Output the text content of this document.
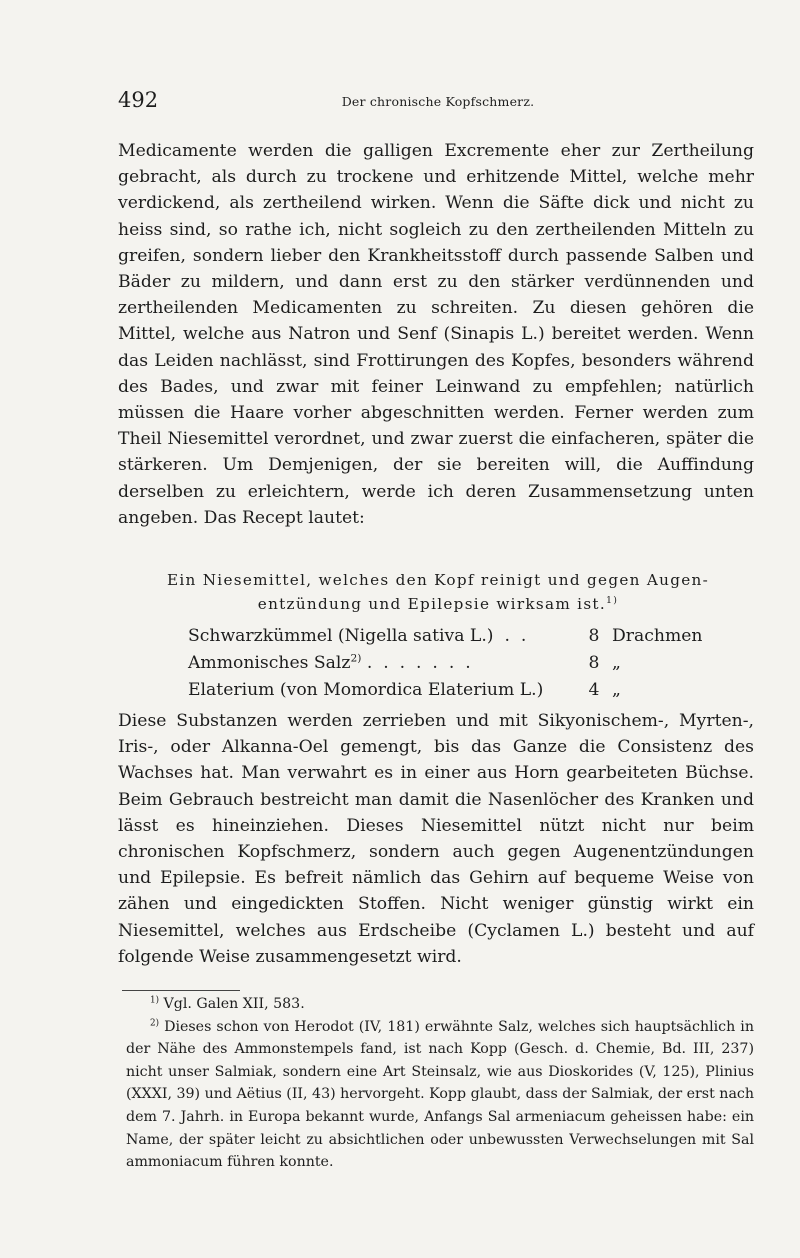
492	Der chronische Kopfschmerz.

Medicamente werden die galligen Excremente eher zur Zertheilung gebracht, als durch zu trockene und erhitzende Mittel, welche mehr verdickend, als zertheilend wirken. Wenn die Säfte dick und nicht zu heiss sind, so rathe ich, nicht sogleich zu den zertheilenden Mitteln zu greifen, sondern lieber den Krankheitsstoff durch passende Salben und Bäder zu mildern, und dann erst zu den stärker verdünnenden und zertheilenden Medicamenten zu schreiten. Zu diesen gehören die Mittel, welche aus Natron und Senf (Sinapis L.) bereitet werden. Wenn das Leiden nachlässt, sind Frottirungen des Kopfes, besonders während des Bades, und zwar mit feiner Leinwand zu empfehlen; natürlich müssen die Haare vorher abgeschnitten werden. Ferner werden zum Theil Niesemittel verordnet, und zwar zuerst die einfacheren, später die stärkeren. Um Demjenigen, der sie bereiten will, die Auffindung derselben zu erleichtern, werde ich deren Zusammensetzung unten angeben. Das Recept lautet:

Ein Niesemittel, welches den Kopf reinigt und gegen Augen-
entzündung und Epilepsie wirksam ist.$^{1)}$
Schwarzkümmel (Nigella sativa L.)  .  .	8 Drachmen
Ammonisches Salz$^{2)}$ .  .  .  .  .  .  .	8 „
Elaterium (von Momordica Elaterium L.)	4 „

Diese Substanzen werden zerrieben und mit Sikyonischem-, Myrten-, Iris-, oder Alkanna-Oel gemengt, bis das Ganze die Consistenz des Wachses hat. Man verwahrt es in einer aus Horn gearbeiteten Büchse. Beim Gebrauch bestreicht man damit die Nasenlöcher des Kranken und lässt es hineinziehen. Dieses Niesemittel nützt nicht nur beim chronischen Kopfschmerz, sondern auch gegen Augenentzündungen und Epilepsie. Es befreit nämlich das Gehirn auf bequeme Weise von zähen und eingedickten Stoffen. Nicht weniger günstig wirkt ein Niesemittel, welches aus Erdscheibe (Cyclamen L.) besteht und auf folgende Weise zusammengesetzt wird.

$^{1)}$ Vgl. Galen XII, 583.

$^{2)}$ Dieses schon von Herodot (IV, 181) erwähnte Salz, welches sich hauptsächlich in der Nähe des Ammonstempels fand, ist nach Kopp (Gesch. d. Chemie, Bd. III, 237) nicht unser Salmiak, sondern eine Art Steinsalz, wie aus Dioskorides (V, 125), Plinius (XXXI, 39) und Aëtius (II, 43) hervorgeht. Kopp glaubt, dass der Salmiak, der erst nach dem 7. Jahrh. in Europa bekannt wurde, Anfangs Sal armeniacum geheissen habe: ein Name, der später leicht zu absichtlichen oder unbewussten Verwechselungen mit Sal ammoniacum führen konnte.
